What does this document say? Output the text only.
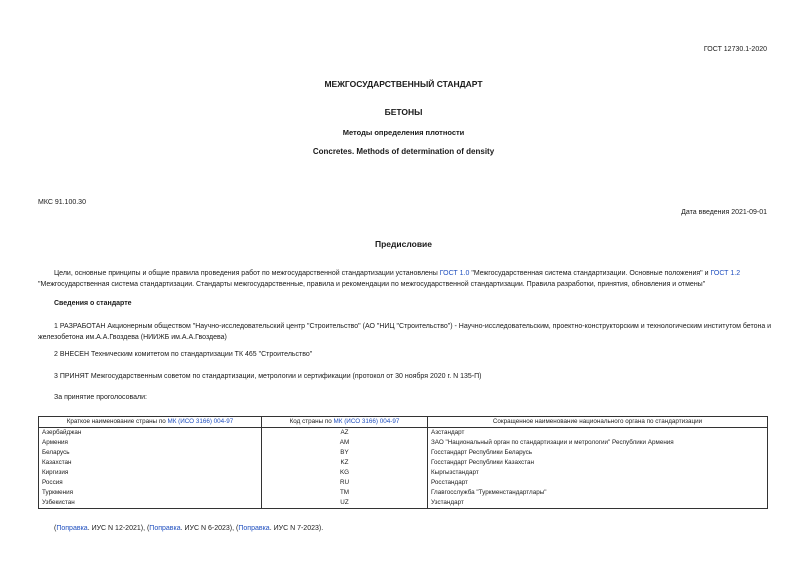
ГОСТ 12730.1-2020
МЕЖГОСУДАРСТВЕННЫЙ СТАНДАРТ
БЕТОНЫ
Методы определения плотности
Concretes. Methods of determination of density
МКС 91.100.30
Дата введения 2021-09-01
Предисловие
Цели, основные принципы и общие правила проведения работ по межгосударственной стандартизации установлены ГОСТ 1.0 "Межгосударственная система стандартизации. Основные положения" и ГОСТ 1.2 "Межгосударственная система стандартизации. Стандарты межгосударственные, правила и рекомендации по межгосударственной стандартизации. Правила разработки, принятия, обновления и отмены"
Сведения о стандарте
1 РАЗРАБОТАН Акционерным обществом "Научно-исследовательский центр "Строительство" (АО "НИЦ "Строительство") - Научно-исследовательским, проектно-конструкторским и технологическим институтом бетона и железобетона им.А.А.Гвоздева (НИИЖБ им.А.А.Гвоздева)
2 ВНЕСЕН Техническим комитетом по стандартизации ТК 465 "Строительство"
3 ПРИНЯТ Межгосударственным советом по стандартизации, метрологии и сертификации (протокол от 30 ноября 2020 г. N 135-П)
За принятие проголосовали:
Краткое наименование страны по МК (ИСО 3166) 004-97	Код страны по МК (ИСО 3166) 004-97	Сокращенное наименование национального органа по стандартизации
Азербайджан	AZ	Азстандарт
Армения	AM	ЗАО "Национальный орган по стандартизации и метрологии" Республики Армения
Беларусь	BY	Госстандарт Республики Беларусь
Казахстан	KZ	Госстандарт Республики Казахстан
Киргизия	KG	Кыргызстандарт
Россия	RU	Росстандарт
Туркмения	TM	Главгосслужба "Туркменстандартлары"
Узбекистан	UZ	Узстандарт
(Поправка. ИУС N 12-2021), (Поправка. ИУС N 6-2023), (Поправка. ИУС N 7-2023).
